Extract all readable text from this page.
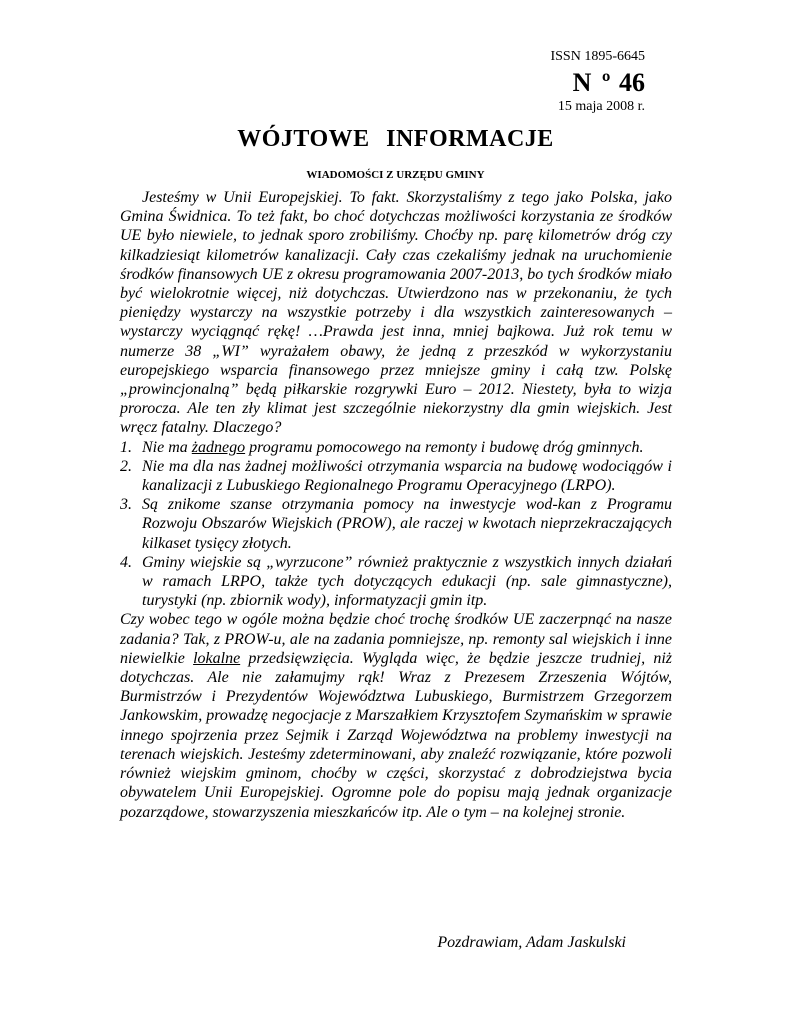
ISSN 1895-6645
N º 46
15 maja 2008 r.
WÓJTOWE INFORMACJE
WIADOMOŚCI Z URZĘDU GMINY

Jesteśmy w Unii Europejskiej. To fakt. Skorzystaliśmy z tego jako Polska, jako Gmina Świdnica. To też fakt, bo choć dotychczas możliwości korzystania ze środków UE było niewiele, to jednak sporo zrobiliśmy. Choćby np. parę kilometrów dróg czy kilkadziesiąt kilometrów kanalizacji. Cały czas czekaliśmy jednak na uruchomienie środków finansowych UE z okresu programowania 2007-2013, bo tych środków miało być wielokrotnie więcej, niż dotychczas. Utwierdzono nas w przekonaniu, że tych pieniędzy wystarczy na wszystkie potrzeby i dla wszystkich zainteresowanych – wystarczy wyciągnąć rękę! …Prawda jest inna, mniej bajkowa. Już rok temu w numerze 38 „WI” wyrażałem obawy, że jedną z przeszkód w wykorzystaniu europejskiego wsparcia finansowego przez mniejsze gminy i całą tzw. Polskę „prowincjonalną” będą piłkarskie rozgrywki Euro – 2012. Niestety, była to wizja prorocza. Ale ten zły klimat jest szczególnie niekorzystny dla gmin wiejskich. Jest wręcz fatalny. Dlaczego?

1. Nie ma żadnego programu pomocowego na remonty i budowę dróg gminnych.
2. Nie ma dla nas żadnej możliwości otrzymania wsparcia na budowę wodociągów i kanalizacji z Lubuskiego Regionalnego Programu Operacyjnego (LRPO).
3. Są znikome szanse otrzymania pomocy na inwestycje wod-kan z Programu Rozwoju Obszarów Wiejskich (PROW), ale raczej w kwotach nieprzekraczających kilkaset tysięcy złotych.
4. Gminy wiejskie są „wyrzucone” również praktycznie z wszystkich innych działań w ramach LRPO, także tych dotyczących edukacji (np. sale gimnastyczne), turystyki (np. zbiornik wody), informatyzacji gmin itp.

Czy wobec tego w ogóle można będzie choć trochę środków UE zaczerpnąć na nasze zadania? Tak, z PROW-u, ale na zadania pomniejsze, np. remonty sal wiejskich i inne niewielkie lokalne przedsięwzięcia. Wygląda więc, że będzie jeszcze trudniej, niż dotychczas. Ale nie załamujmy rąk! Wraz z Prezesem Zrzeszenia Wójtów, Burmistrzów i Prezydentów Województwa Lubuskiego, Burmistrzem Grzegorzem Jankowskim, prowadzę negocjacje z Marszałkiem Krzysztofem Szymańskim w sprawie innego spojrzenia przez Sejmik i Zarząd Województwa na problemy inwestycji na terenach wiejskich. Jesteśmy zdeterminowani, aby znaleźć rozwiązanie, które pozwoli również wiejskim gminom, choćby w części, skorzystać z dobrodziejstwa bycia obywatelem Unii Europejskiej. Ogromne pole do popisu mają jednak organizacje pozarządowe, stowarzyszenia mieszkańców itp. Ale o tym – na kolejnej stronie.

Pozdrawiam, Adam Jaskulski
